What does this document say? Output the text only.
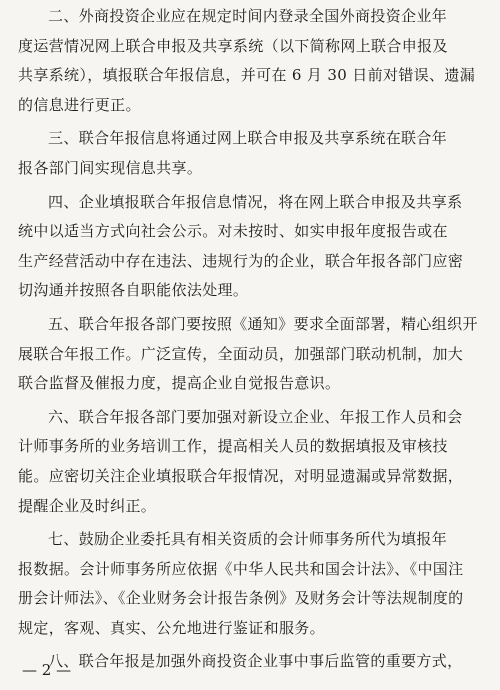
二、外商投资企业应在规定时间内登录全国外商投资企业年
度运营情况网上联合申报及共享系统（以下简称网上联合申报及
共享系统），填报联合年报信息，并可在 6 月 30 日前对错误、遗漏
的信息进行更正。
三、联合年报信息将通过网上联合申报及共享系统在联合年
报各部门间实现信息共享。
四、企业填报联合年报信息情况，将在网上联合申报及共享系
统中以适当方式向社会公示。对未按时、如实申报年度报告或在
生产经营活动中存在违法、违规行为的企业，联合年报各部门应密
切沟通并按照各自职能依法处理。
五、联合年报各部门要按照《通知》要求全面部署，精心组织开
展联合年报工作。广泛宣传，全面动员，加强部门联动机制，加大
联合监督及催报力度，提高企业自觉报告意识。
六、联合年报各部门要加强对新设立企业、年报工作人员和会
计师事务所的业务培训工作，提高相关人员的数据填报及审核技
能。应密切关注企业填报联合年报情况，对明显遗漏或异常数据，
提醒企业及时纠正。
七、鼓励企业委托具有相关资质的会计师事务所代为填报年
报数据。会计师事务所应依据《中华人民共和国会计法》、《中国注
册会计师法》、《企业财务会计报告条例》及财务会计等法规制度的
规定，客观、真实、公允地进行鉴证和服务。
八、联合年报是加强外商投资企业事中事后监管的重要方式，
— 2 —
